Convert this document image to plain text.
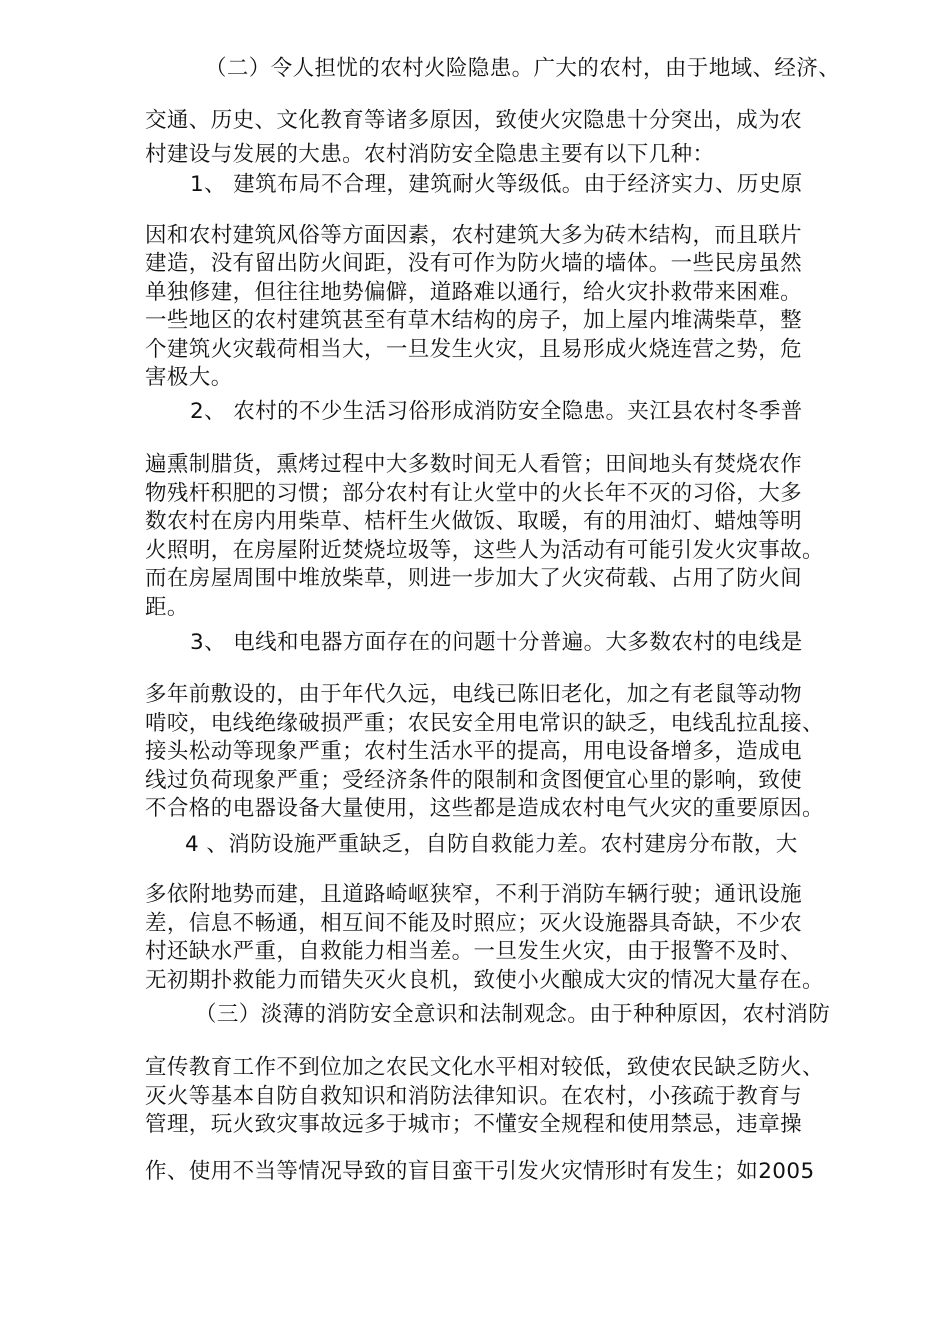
（二）令人担忧的农村火险隐患。广大的农村，由于地域、经济、
交通、历史、文化教育等诸多原因，致使火灾隐患十分突出，成为农
村建设与发展的大患。农村消防安全隐患主要有以下几种：
1、 建筑布局不合理，建筑耐火等级低。由于经济实力、历史原
因和农村建筑风俗等方面因素，农村建筑大多为砖木结构，而且联片
建造，没有留出防火间距，没有可作为防火墙的墙体。一些民房虽然
单独修建，但往往地势偏僻，道路难以通行，给火灾扑救带来困难。
一些地区的农村建筑甚至有草木结构的房子，加上屋内堆满柴草，整
个建筑火灾载荷相当大，一旦发生火灾，且易形成火烧连营之势，危
害极大。
2、 农村的不少生活习俗形成消防安全隐患。夹江县农村冬季普
遍熏制腊货，熏烤过程中大多数时间无人看管；田间地头有焚烧农作
物残杆积肥的习惯；部分农村有让火堂中的火长年不灭的习俗，大多
数农村在房内用柴草、桔杆生火做饭、取暖，有的用油灯、蜡烛等明
火照明，在房屋附近焚烧垃圾等，这些人为活动有可能引发火灾事故。
而在房屋周围中堆放柴草，则进一步加大了火灾荷载、占用了防火间
距。
3、 电线和电器方面存在的问题十分普遍。大多数农村的电线是
多年前敷设的，由于年代久远，电线已陈旧老化，加之有老鼠等动物
啃咬，电线绝缘破损严重；农民安全用电常识的缺乏，电线乱拉乱接、
接头松动等现象严重；农村生活水平的提高，用电设备增多，造成电
线过负荷现象严重；受经济条件的限制和贪图便宜心里的影响，致使
不合格的电器设备大量使用，这些都是造成农村电气火灾的重要原因。
4 、消防设施严重缺乏，自防自救能力差。农村建房分布散，大
多依附地势而建，且道路崎岖狭窄，不利于消防车辆行驶；通讯设施
差，信息不畅通，相互间不能及时照应；灭火设施器具奇缺，不少农
村还缺水严重，自救能力相当差。一旦发生火灾，由于报警不及时、
无初期扑救能力而错失灭火良机，致使小火酿成大灾的情况大量存在。
（三）淡薄的消防安全意识和法制观念。由于种种原因，农村消防
宣传教育工作不到位加之农民文化水平相对较低，致使农民缺乏防火、
灭火等基本自防自救知识和消防法律知识。在农村，小孩疏于教育与
管理，玩火致灾事故远多于城市；不懂安全规程和使用禁忌，违章操
作、使用不当等情况导致的盲目蛮干引发火灾情形时有发生；如2005
